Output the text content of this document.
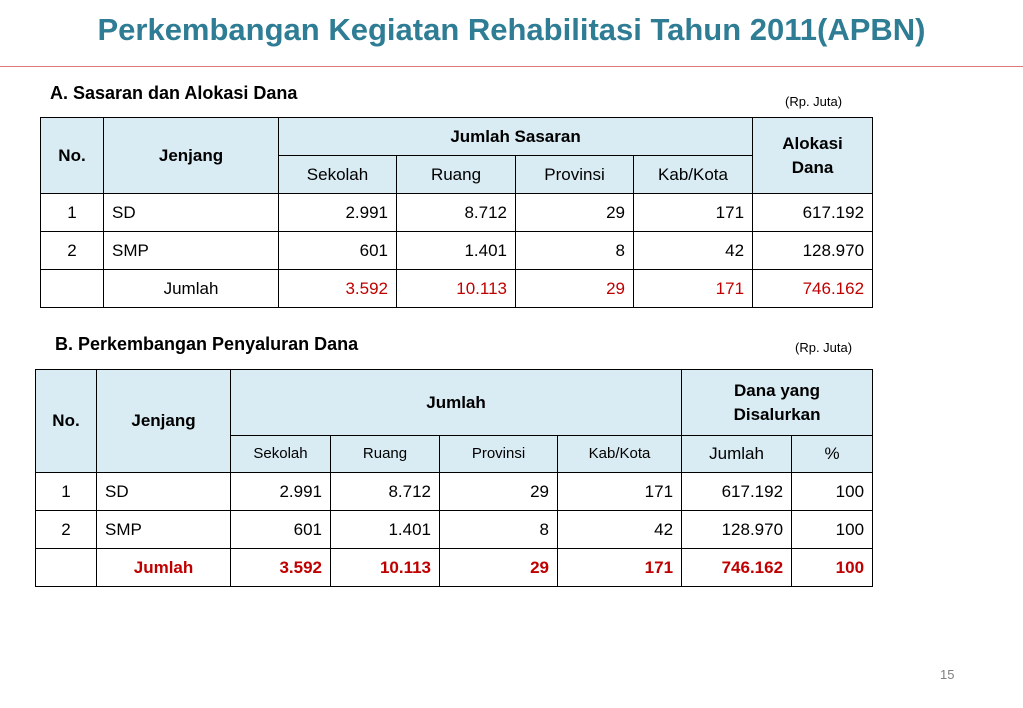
Perkembangan Kegiatan Rehabilitasi Tahun 2011(APBN)
A. Sasaran dan Alokasi Dana	(Rp. Juta)
No.	Jenjang	Jumlah Sasaran				Alokasi
Dana
		Sekolah	Ruang	Provinsi	Kab/Kota	
1	SD	2.991	8.712	29	171	617.192
2	SMP	601	1.401	8	42	128.970
	Jumlah	3.592	10.113	29	171	746.162
B. Perkembangan Penyaluran Dana	(Rp. Juta)
No.	Jenjang	Jumlah				Dana yang
Disalurkan	
		Sekolah	Ruang	Provinsi	Kab/Kota	Jumlah	%
1	SD	2.991	8.712	29	171	617.192	100
2	SMP	601	1.401	8	42	128.970	100
	Jumlah	3.592	10.113	29	171	746.162	100
15
